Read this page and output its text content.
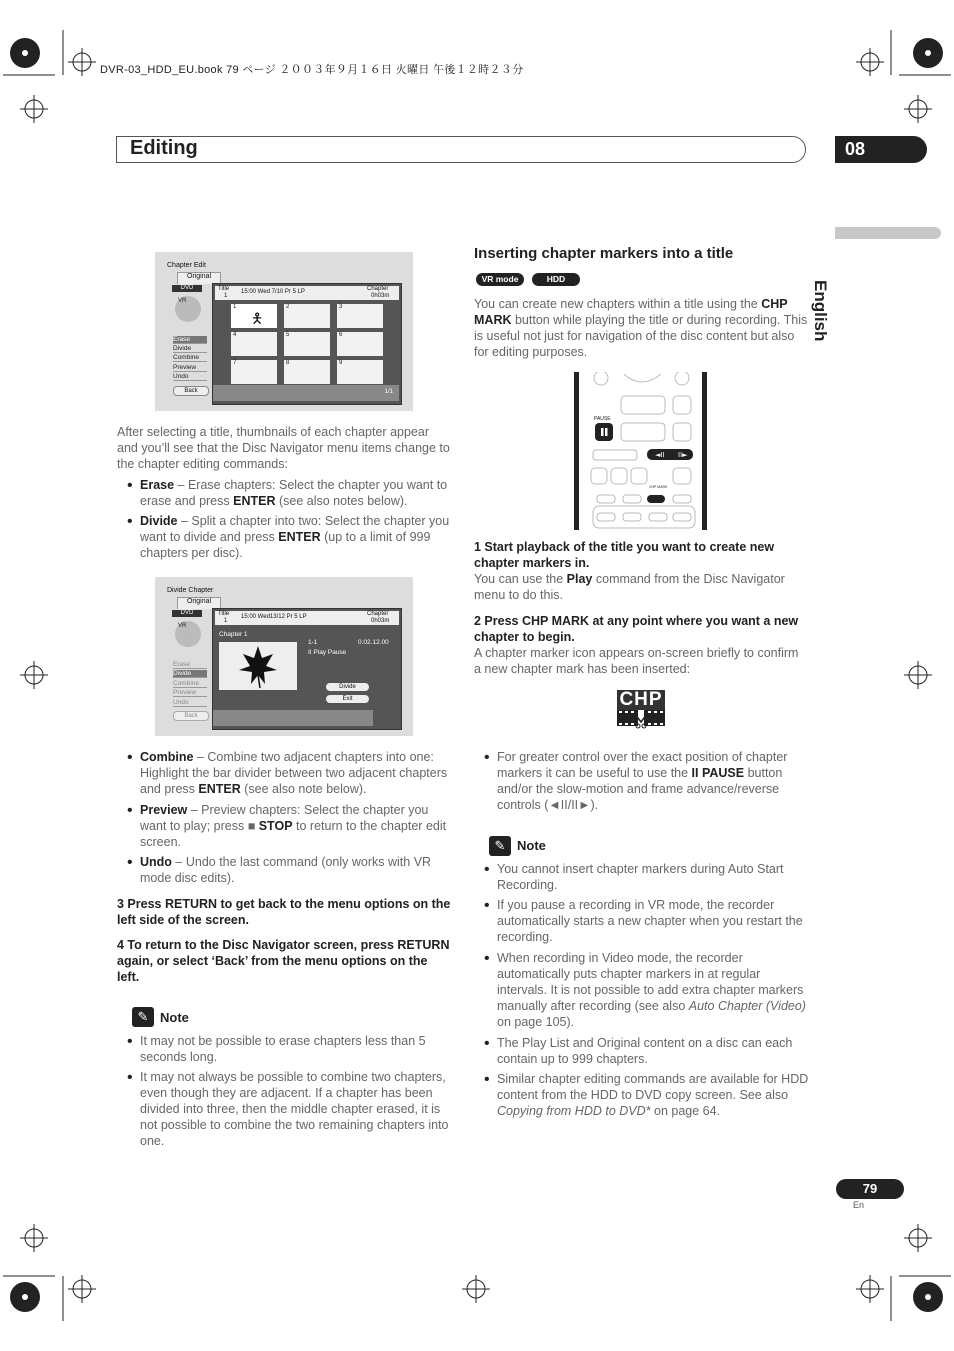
DVR-03_HDD_EU.book 79 ページ ２００３年９月１６日 火曜日 午後１２時２３分
Editing	08
English
Chapter Edit
Original
DVD
VR
Erase
Divide
Combine
Preview
Undo
Back
Title
1
15:00 Wed 7/10 Pr 5 LP	Chapter
0h03m
1
🯅
2	3
4	5	6
7	8	9
1/1

After selecting a title, thumbnails of each chapter appear and you’ll see that the Disc Navigator menu items change to the chapter editing commands:

• Erase – Erase chapters: Select the chapter you want to erase and press ENTER (see also notes below).

• Divide – Split a chapter into two: Select the chapter you want to divide and press ENTER (up to a limit of 999 chapters per disc).

Divide Chapter
Original
DVD
VR
Erase
Divide
Combine
Preview
Undo
Back
Title
1
15:00 Wed13/12 Pr 5 LP	Chapter
0h03m
Chapter 1
1-1	0.02.12.00
II Play Pause
Divide
Exit
• Combine – Combine two adjacent chapters into one: Highlight the bar divider between two adjacent chapters and press ENTER (see also note below).

• Preview – Preview chapters: Select the chapter you want to play; press ■ STOP to return to the chapter edit screen.

• Undo – Undo the last command (only works with VR mode disc edits).

3 Press RETURN to get back to the menu options on the left side of the screen.
4 To return to the Disc Navigator screen, press RETURN again, or select ‘Back’ from the menu options on the left.
✎ Note
• It may not be possible to erase chapters less than 5 seconds long.

• It may not always be possible to combine two chapters, even though they are adjacent. If a chapter has been divided into three, then the middle chapter erased, it is not possible to combine the two remaining chapters into one.

Inserting chapter markers into a title
VR mode	HDD

You can create new chapters within a title using the CHP MARK button while playing the title or during recording. This is useful not just for navigation of the disc content but also for editing purposes.

◄II II►
PAUSE
CHP MARK
1 Start playback of the title you want to create new chapter markers in.

You can use the Play command from the Disc Navigator menu to do this.

2 Press CHP MARK at any point where you want a new chapter to begin.

A chapter marker icon appears on-screen briefly to confirm a new chapter mark has been inserted:

CHP
• For greater control over the exact position of chapter markers it can be useful to use the II PAUSE button and/or the slow-motion and frame advance/reverse controls (◄II/II►).

✎ Note
• You cannot insert chapter markers during Auto Start Recording.

• If you pause a recording in VR mode, the recorder automatically starts a new chapter when you restart the recording.

• When recording in Video mode, the recorder automatically puts chapter markers in at regular intervals. It is not possible to add extra chapter markers manually after recording (see also Auto Chapter (Video) on page 105).

• The Play List and Original content on a disc can each contain up to 999 chapters.

• Similar chapter editing commands are available for HDD content from the HDD to DVD copy screen. See also Copying from HDD to DVD* on page 64.

79
En
